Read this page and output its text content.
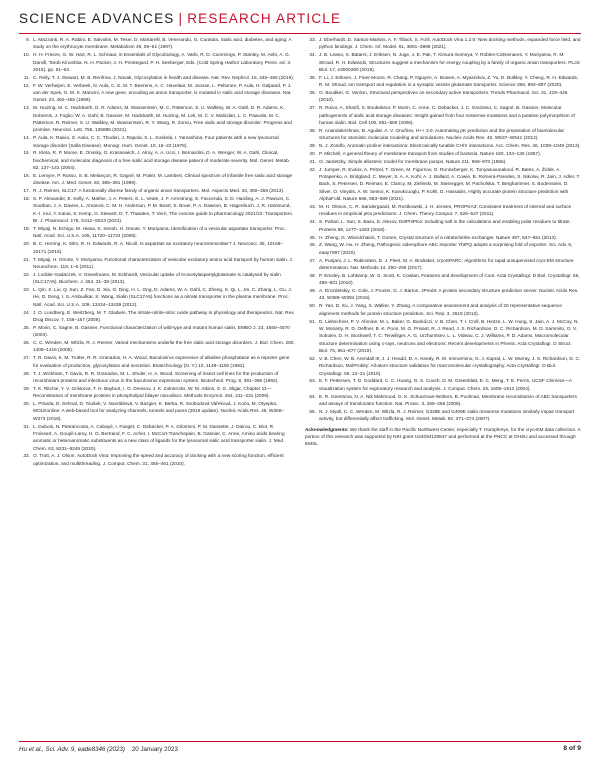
SCIENCE ADVANCES | RESEARCH ARTICLE
9. L. Mazzanti, R. A. Rabini, E. Salvolini, M. Tesei, D. Martarelli, B. Venerando, G. Curatola, Sialic acid, diabetes, and aging: A study on the erythrocyte membrane. Metabolism 46, 59–61 (1997).
10. H. H. Freeze, G. W. Hart, R. L. Schnaar, in Essentials of Glycobiology, A. Varki, R. D. Cummings, P. Stanley, M. Aebi, A. G. Darvill, Tarob Kinoshita, N. H. Packer, J. H. Prestegard, P. H. Seeberger, Eds. (Cold Spring Harbor Laboratory Press, ed. 3, 2015), pp. 51–63.
11. C. Reily, T. J. Stewart, M. B. Renfrow, J. Novak, Glycosylation in health and disease. Nat. Rev. Nephrol. 15, 346–366 (2019).
12. F. W. Verheijen, E. Verbeek, N. Aula, C. E. M. T. Beerens, A. C. Havelaar, M. Joosse, L. Peltonen, P. Aula, H. Galjaard, P. J. van der Spek, G. M. S. Mancini, A new gene, encoding an anion transporter, is mutated in sialic acid storage diseases. Nat. Genet. 23, 462–465 (1999).
13. M. Huizing, M. C. Hackbarth, D. R. Adams, M. Wasserstein, M. C. Patterson, S. U. Walkley, W. A. Gahl, D. R. Adams, K. Dobrenis, J. Foglio, W. A. Gahl, B. Gasnier, M. Hackbarth, M. Huizing, M. Lek, M. C. V. Malicdan, L. C. Paavola, M. C. Patterson, R. Reimer, S. U. Walkley, M. Wasserstein, R. Y. Wang, R. Zoncu, Free sialic acid storage disorder: Progress and promise. Neurosci. Lett. 755, 135896 (2021).
14. P. Aula, K. Raivio, S. Autio, C. C. Thoden, J. Rapola, S. L. Koskela, I. Yamashina, Four patients with a new lysosomal storage disorder (Salla Disease). Monogr. Hum. Genet. 10, 16–22 (1978).
15. R. Kleta, R. P. Morse, E. Orvisky, G. Krasnewich, J. Alroy, A. A. Ucci, I. Bernardini, D. A. Wenger, W. A. Gahl, Clinical, biochemical, and molecular diagnosis of a free sialic acid storage disease patient of moderate severity. Mol. Genet. Metab. 82, 137–143 (2004).
16. E. Lemyre, P. Russo, S. B. Melançon, R. Gagné, M. Potier, M. Lambert, Clinical spectrum of infantile free sialic acid storage disease. Am. J. Med. Genet. 82, 385–391 (1999).
17. R. J. Reimer, SLC17: A functionally diverse family of organic anion transporters. Mol. Aspects Med. 34, 350–359 (2013).
18. S. P. Alexander, E. Kelly, A. Mathie, J. A. Peters, E. L. Veale, J. F. Armstrong, E. Faccenda, S. D. Harding, A. J. Pawson, C. Southan, J. A. Davies, L. Amarosi, C. M. H. Anderson, P. M. Beart, S. Broer, P. A. Dawson, B. Hagenbuch, J. R. Hammond, K.-I. Inui, Y. Kanai, S. Kemp, G. Stewart, D. T. Thwaites, T. Verri, The concise guide to pharmacology 2021/22: Transporters. Br. J. Pharmacol. 178, S412–S513 (2021).
19. T. Miyaji, N. Echigo, M. Hiasa, S. Senoh, H. Omote, Y. Moriyama, Identification of a vesicular aspartate transporter. Proc. Natl. Acad. Sci. U.S.A. 105, 11720–11724 (2008).
20. B. C. Herring, K. Silm, R. H. Edwards, R. A. Nicoll, Is aspartate an excitatory neurotransmitter? J. Neurosci. 35, 10168–10171 (2015).
21. T. Miyaji, H. Omote, Y. Moriyama, Functional characterization of vesicular excitatory amino acid transport by human sialin. J. Neurochem. 119, 1–5 (2011).
22. J. Lodder-Gadaczek, V. Gieselmann, M. Eckhardt, Vesicular uptake of N-acetylaspartylglutamate is catalysed by sialin (SLC17A5). Biochem. J. 454, 31–38 (2013).
23. L. Qin, X. Liu, Q. Sun, Z. Fan, D. Xia, G. Ding, H. L. Ong, D. Adams, W. A. Gahl, C. Zheng, S. Qi, L. Jin, C. Zhang, L. Gu, J. He, D. Deng, I. S. Ambudkar, S. Wang, Sialin (SLC17A5) functions as a nitrate transporter in the plasma membrane. Proc. Natl. Acad. Sci. U.S.A. 109, 13434–13439 (2012).
24. J. O. Lundberg, E. Weitzberg, M. T. Gladwin, The nitrate-nitrite-nitric oxide pathway in physiology and therapeutics. Nat. Rev. Drug Discov. 7, 156–167 (2008).
25. P. Morin, C. Sagne, B. Gasnier, Functional characterization of wild-type and mutant human sialin. EMBO J. 23, 4560–4570 (2004).
26. C. C. Wreden, M. Wlizla, R. J. Reimer, Varied mechanisms underlie the free sialic acid storage disorders. J. Biol. Chem. 280, 1408–1416 (2005).
27. T. R. Davis, K. M. Trotter, R. R. Granados, H. A. Wood, Baculovirus expression of alkaline phosphatase as a reporter gene for evaluation of production, glycosylation and secretion. Biotechnology (N. Y.) 10, 1148–1150 (1992).
28. T. J. Wickham, T. Davis, R. R. Granados, M. L. Shuler, H. A. Wood, Screening of insect cell lines for the production of recombinant proteins and infectious virus in the baculovirus expression system. Biotechnol. Prog. 8, 391–396 (1992).
29. T. K. Ritchie, Y. V. Grinkova, T. H. Bayburt, I. G. Denisov, J. K. Zolnerciks, W. M. Atkins, S. G. Sligar, Chapter 11—Reconstitution of membrane proteins in phospholipid bilayer nanodiscs. Methods Enzymol. 464, 211–231 (2009).
30. L. Pravda, D. Sehnal, D. Toušek, V. Navrátilová, V. Bazgier, K. Berka, R. Svobodová Vařeková, J. Koča, M. Otyepka, MOLEonline: A web-based tool for analyzing channels, tunnels and pores (2018 update). Nucleic Acids Res. 46, W368–W373 (2018).
31. L. Dubois, N. Pietrancosta, A. Cabayé, I. Fanget, C. Debacker, P. A. Gilormini, P. M. Dansette, J. Dairou, C. Biot, R. Froissart, A. Goupil-Lamy, H. O. Bertrand, F. C. Acher, I. McCort-Tranchepain, B. Gasnier, C. Anne, Amino acids bearing aromatic or heteroaromatic substituents as a new class of ligands for the lysosomal sialic acid transporter sialin. J. Med. Chem. 63, 8231–8249 (2020).
32. O. Trott, A. J. Olson, AutoDock Vina: Improving the speed and accuracy of docking with a new scoring function, efficient optimization, and multithreading. J. Comput. Chem. 31, 455–461 (2010).
33. J. Eberhardt, D. Santos-Martins, A. F. Tillack, S. Forli, AutoDock Vina 1.2.0: New docking methods, expanded force field, and python bindings. J. Chem. Inf. Model. 61, 3891–3898 (2021).
34. J. B. Leano, S. Batarni, J. Eriksen, N. Juge, J. E. Pak, T. Kimura-Someya, Y. Robles-Colmenares, Y. Moriyama, R. M. Stroud, R. H. Edwards, Structures suggest a mechanism for energy coupling by a family of organic anion transporters. PLoS Biol. 17, e3000260 (2019).
35. F. Li, J. Eriksen, J. Finer-Moore, R. Chang, P. Nguyen, A. Bowen, A. Myasnikov, Z. Yu, D. Bulkley, Y. Cheng, R. H. Edwards, R. M. Stroud, Ion transport and regulation in a synaptic vesicle glutamate transporter. Science 368, 893–897 (2020).
36. O. Boudker, G. Verdon, Structural perspectives on secondary active transporters. Trends Pharmacol. Sci. 31, 418–426 (2010).
37. R. Ruivo, A. Sharifi, S. Boubekeur, P. Morin, C. Anne, C. Debacker, J. C. Graziano, C. Sagné, B. Gasnier, Molecular pathogenesis of sialic acid storage diseases: Insight gained from four missense mutations and a putative polymorphism of human sialin. Biol. Cell 100, 551–559 (2008).
38. R. Anandakrishnan, B. Aguilar, A. V. Onufriev, H++ 3.0: Automating pK prediction and the preparation of biomolecular structures for atomistic molecular modeling and simulations. Nucleic Acids Res. 40, W537–W541 (2012).
39. N. J. Zondlo, Aromatic-proline interactions: Electronically tunable CH/π interactions. Acc. Chem. Res. 46, 1039–1049 (2013).
40. P. Mitchell, A general theory of membrane transport from studies of bacteria. Nature 180, 134–136 (1957).
41. O. Jardetzky, Simple allosteric model for membrane pumps. Nature 211, 969–970 (1966).
42. J. Jumper, R. Evans, A. Pritzel, T. Green, M. Figurnov, O. Ronneberger, K. Tunyasuvunakool, R. Bates, A. Žídek, A. Potapenko, A. Bridgland, C. Meyer, S. A. A. Kohl, A. J. Ballard, A. Cowie, B. Romera-Paredes, S. Nikolov, R. Jain, J. Adler, T. Back, S. Petersen, D. Reiman, E. Clancy, M. Zielinski, M. Steinegger, M. Pacholska, T. Berghammer, S. Bodenstein, D. Silver, O. Vinyals, A. W. Senior, K. Kavukcuoglu, P. Kohli, D. Hassabis, Highly accurate protein structure prediction with AlphaFold. Nature 596, 583–589 (2021).
43. M. H. Olsson, C. R. Søndergaard, M. Rostkowski, J. H. Jensen, PROPKA3: Consistent treatment of internal and surface residues in empirical pKa predictions. J. Chem. Theory Comput. 7, 525–537 (2011).
44. S. Pahari, L. Sun, S. Basu, E. Alexov, DelPhiPKa: Including salt in the calculations and enabling polar residues to titrate. Proteins 86, 1277–1283 (2018).
45. H. Zheng, G. Wisedchaisri, T. Gonen, Crystal structure of a nitrate/nitrite exchanger. Nature 497, 647–651 (2013).
46. Z. Wang, W. Hu, H. Zheng, Pathogenic siderophore ABC importer YbtPQ adopts a surprising fold of exporter. Sci. Adv. 6, eaay7997 (2020).
47. A. Punjani, J. L. Rubinstein, D. J. Fleet, M. A. Brubaker, cryoSPARC: Algorithms for rapid unsupervised cryo-EM structure determination. Nat. Methods 14, 290–296 (2017).
48. P. Emsley, B. Lohkamp, W. G. Scott, K. Cowtan, Features and development of Coot. Acta Crystallogr. D Biol. Crystallogr. 66, 486–501 (2010).
49. A. Drozdetskiy, C. Cole, J. Procter, G. J. Barton, JPred4: A protein secondary structure prediction server. Nucleic Acids Res. 43, W389–W394 (2015).
50. R. Yan, D. Xu, J. Yang, S. Walker, Y. Zhang, A comparative assessment and analysis of 20 representative sequence alignment methods for protein structure prediction. Sci. Rep. 3, 2619 (2013).
51. D. Liebschner, P. V. Afonine, M. L. Baker, G. Bunkóczi, V. B. Chen, T. I. Croll, B. Hintze, L. W. Hung, S. Jain, A. J. McCoy, N. W. Moriarty, R. D. Oeffner, B. K. Poon, M. G. Prisant, R. J. Read, J. S. Richardson, D. C. Richardson, M. D. Sammito, O. V. Sobolev, D. H. Stockwell, T. C. Terwilliger, A. G. Urzhumtsev, L. L. Videau, C. J. Williams, P. D. Adams, Macromolecular structure determination using x-rays, neutrons and electrons: Recent developments in Phenix. Acta Crystallogr. D Struct. Biol. 75, 861–877 (2019).
52. V. B. Chen, W. B. Arendall III, J. J. Headd, D. A. Keedy, R. M. Immormino, G. J. Kapral, L. W. Murray, J. S. Richardson, D. C. Richardson, MolProbity: All-atom structure validation for macromolecular crystallography. Acta Crystallogr. D Biol. Crystallogr. 66, 12–21 (2010).
53. E. F. Pettersen, T. D. Goddard, C. C. Huang, G. S. Couch, D. M. Greenblatt, E. C. Meng, T. E. Ferrin, UCSF Chimera—A visualization system for exploratory research and analysis. J. Comput. Chem. 25, 1605–1612 (2004).
54. E. R. Geertsma, N. A. Nik Mahmood, G. K. Schuurman-Wolters, B. Poolman, Membrane reconstitution of ABC transporters and assays of translocator function. Nat. Protoc. 3, 256–266 (2008).
55. N. J. Myall, C. C. Wreden, M. Wlizla, R. J. Reimer, G328E and G409E sialin missense mutations similarly impair transport activity, but differentially affect trafficking. Mol. Genet. Metab. 92, 371–374 (2007).
Acknowledgments: We thank the staff in the Pacific Northwest Center, especially T. Humphreys, for the cryo-EM data collection. A portion of this research was supported by NIH grant U24GM129547 and performed at the PNCC at OHSU and accessed through EMSL
Hu et al., Sci. Adv. 9, eade8346 (2023) 20 January 2023	8 of 9
